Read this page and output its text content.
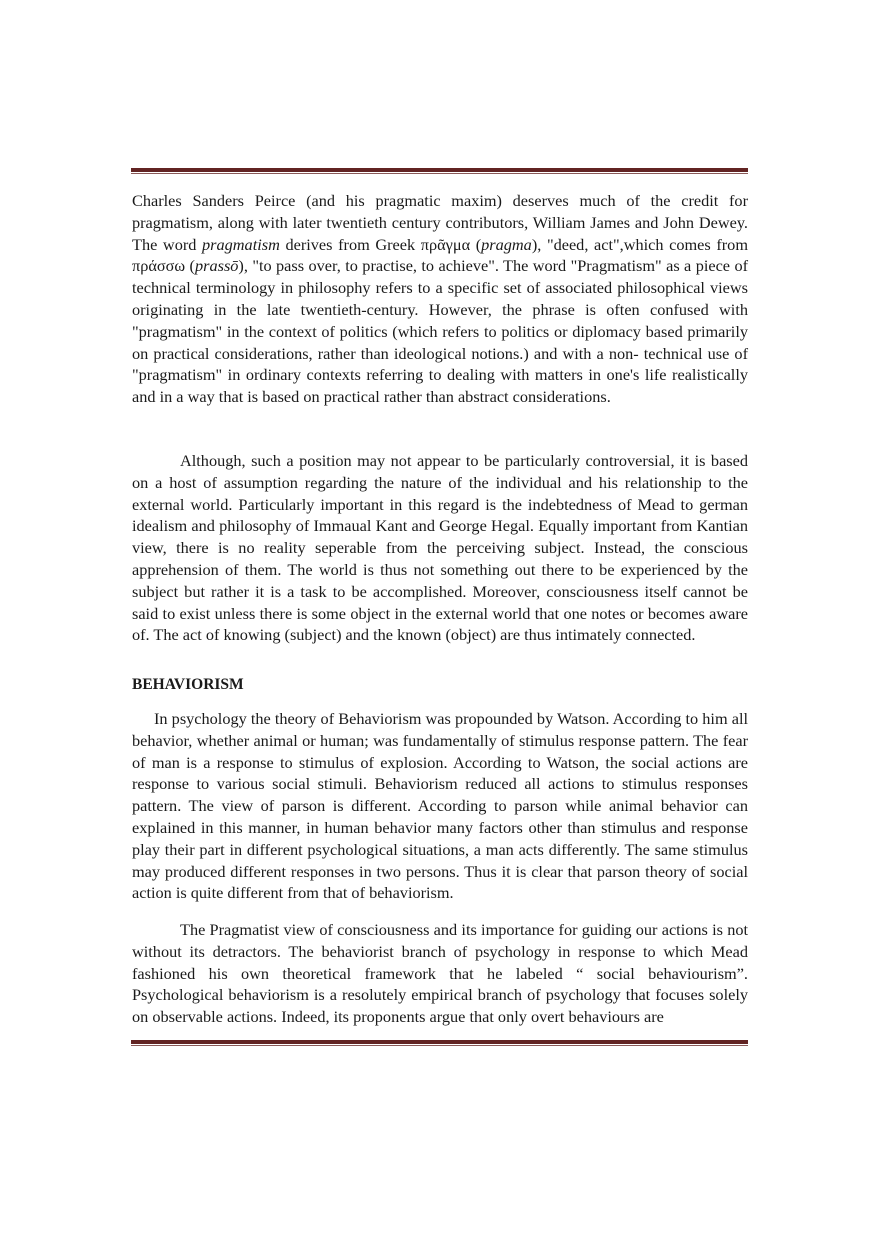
Charles Sanders Peirce (and his pragmatic maxim) deserves much of the credit for pragmatism, along with later twentieth century contributors, William James and John Dewey. The word pragmatism derives from Greek πρᾶγμα (pragma), "deed, act",which comes from πράσσω (prassō), "to pass over, to practise, to achieve". The word "Pragmatism" as a piece of technical terminology in philosophy refers to a specific set of associated philosophical views originating in the late twentieth-century. However, the phrase is often confused with "pragmatism" in the context of politics (which refers to politics or diplomacy based primarily on practical considerations, rather than ideological notions.) and with a non- technical use of "pragmatism" in ordinary contexts referring to dealing with matters in one's life realistically and in a way that is based on practical rather than abstract considerations.

Although, such a position may not appear to be particularly controversial, it is based on a host of assumption regarding the nature of the individual and his relationship to the external world. Particularly important in this regard is the indebtedness of Mead to german idealism and philosophy of Immaual Kant and George Hegal. Equally important from Kantian view, there is no reality seperable from the perceiving subject. Instead, the conscious apprehension of them. The world is thus not something out there to be experienced by the subject but rather it is a task to be accomplished. Moreover, consciousness itself cannot be said to exist unless there is some object in the external world that one notes or becomes aware of. The act of knowing (subject) and the known (object) are thus intimately connected.

BEHAVIORISM

In psychology the theory of Behaviorism was propounded by Watson. According to him all behavior, whether animal or human; was fundamentally of stimulus response pattern. The fear of man is a response to stimulus of explosion. According to Watson, the social actions are response to various social stimuli. Behaviorism reduced all actions to stimulus responses pattern. The view of parson is different. According to parson while animal behavior can explained in this manner, in human behavior many factors other than stimulus and response play their part in different psychological situations, a man acts differently. The same stimulus may produced different responses in two persons. Thus it is clear that parson theory of social action is quite different from that of behaviorism.

The Pragmatist view of consciousness and its importance for guiding our actions is not without its detractors. The behaviorist branch of psychology in response to which Mead fashioned his own theoretical framework that he labeled “ social behaviourism”. Psychological behaviorism is a resolutely empirical branch of psychology that focuses solely on observable actions. Indeed, its proponents argue that only overt behaviours are
